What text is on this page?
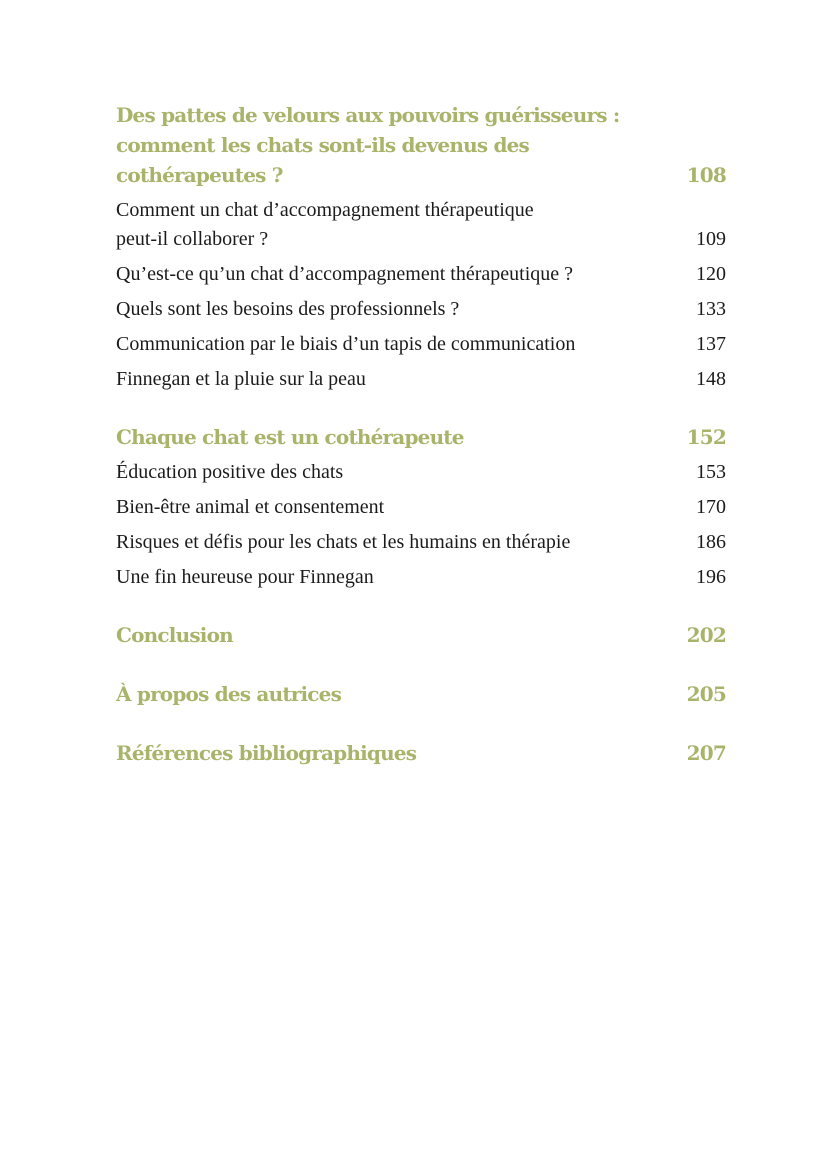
Des pattes de velours aux pouvoirs guérisseurs :
comment les chats sont-ils devenus des cothérapeutes ?	108
Comment un chat d’accompagnement thérapeutique
peut-il collaborer ?	109
Qu’est-ce qu’un chat d’accompagnement thérapeutique ?	120
Quels sont les besoins des professionnels ?	133
Communication par le biais d’un tapis de communication	137
Finnegan et la pluie sur la peau	148
Chaque chat est un cothérapeute	152
Éducation positive des chats	153
Bien-être animal et consentement	170
Risques et défis pour les chats et les humains en thérapie	186
Une fin heureuse pour Finnegan	196
Conclusion	202
À propos des autrices	205
Références bibliographiques	207
